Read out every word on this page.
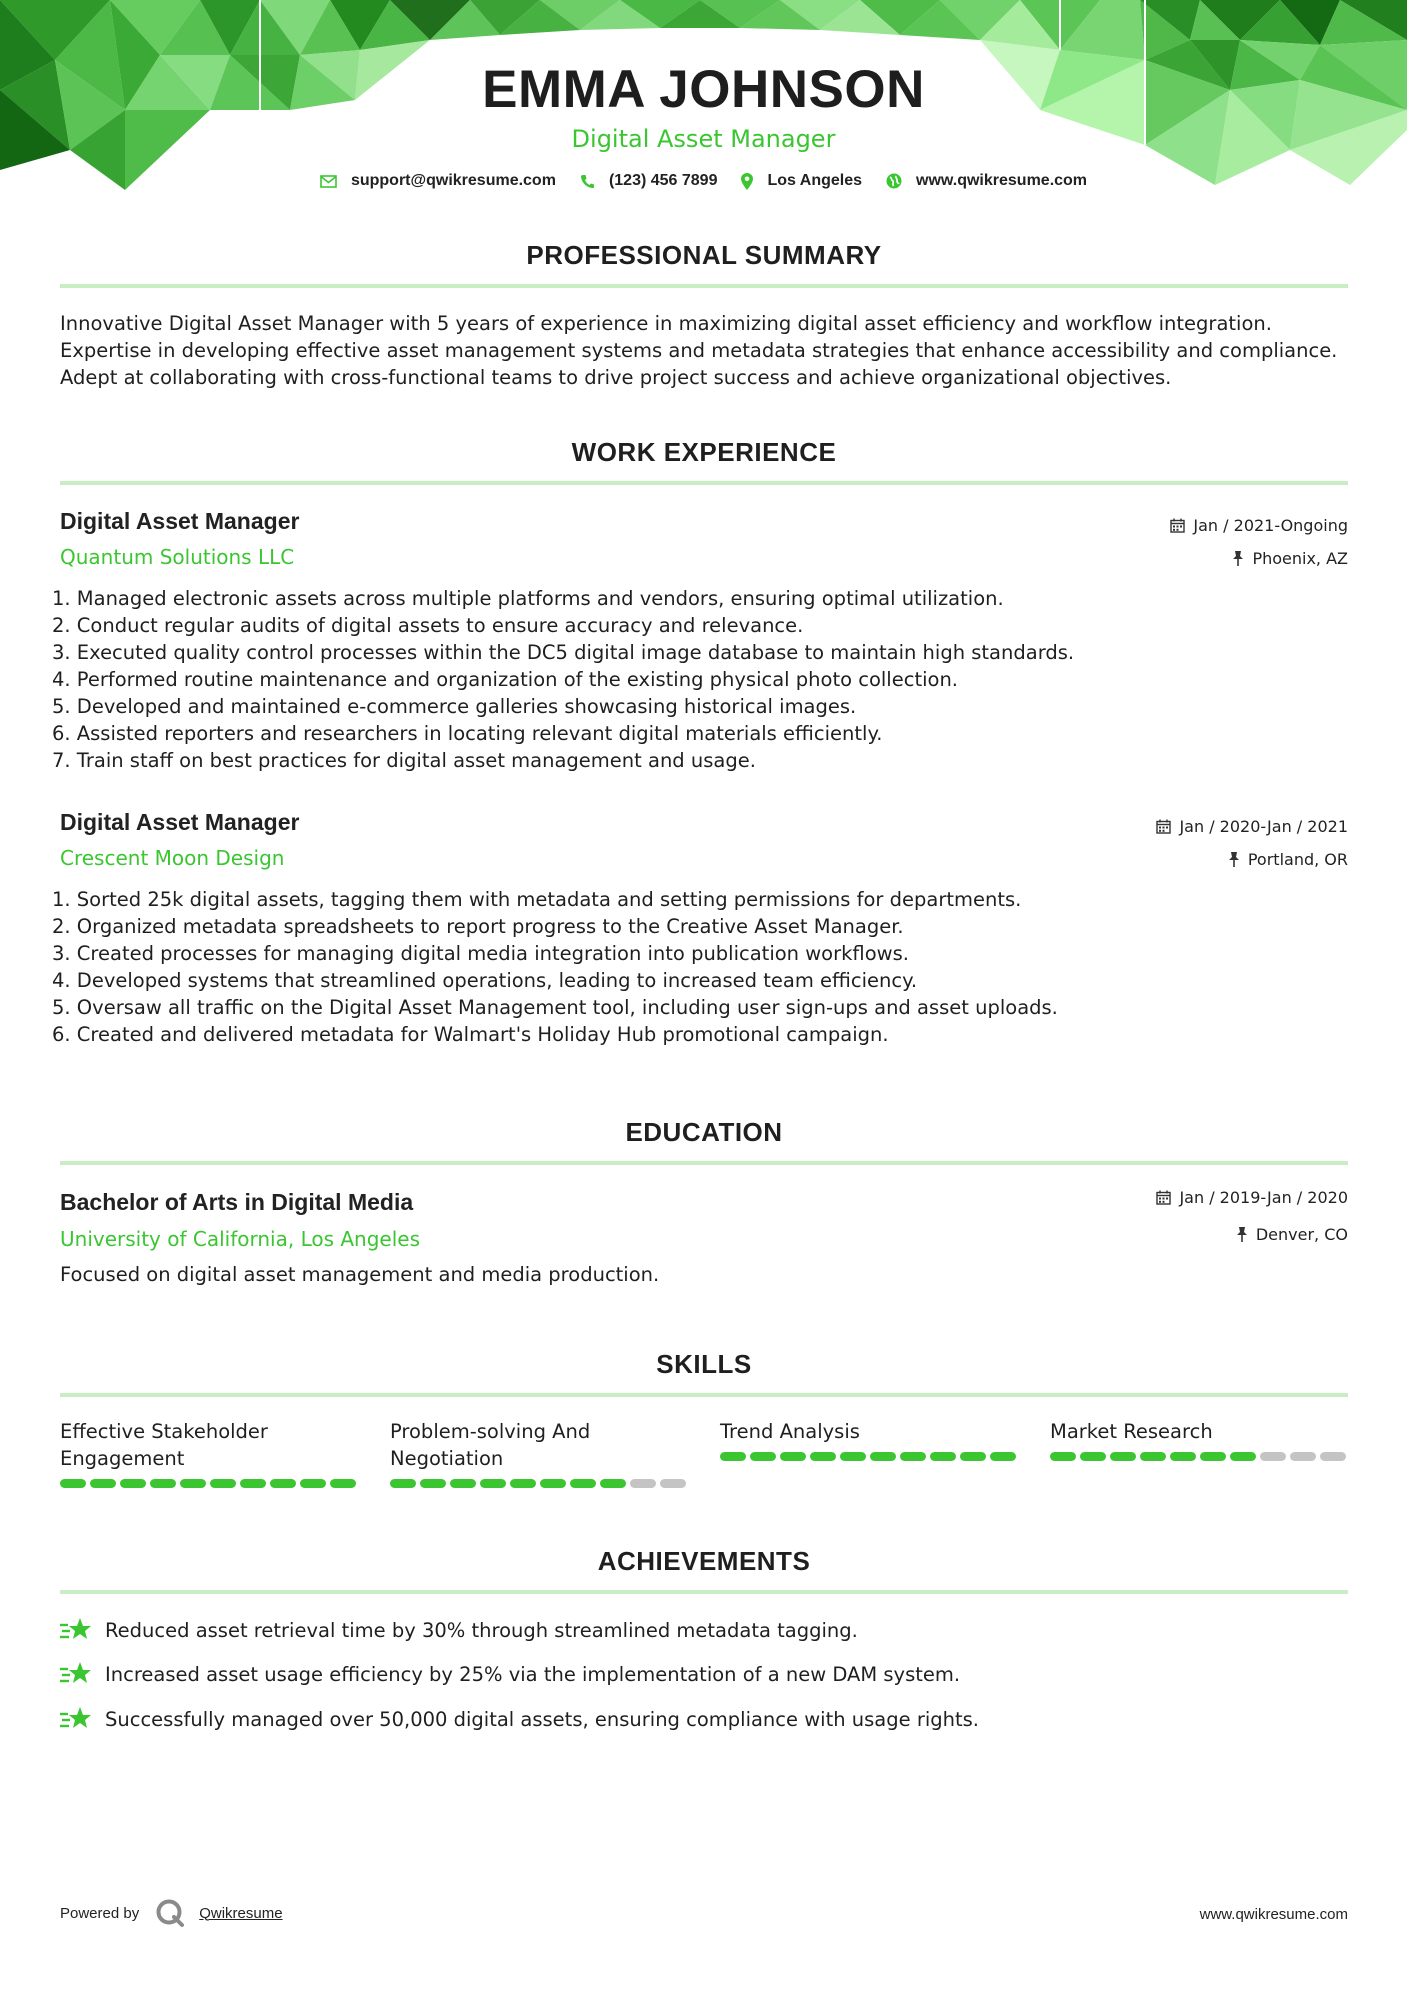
EMMA JOHNSON
Digital Asset Manager
support@qwikresume.com	(123) 456 7899	Los Angeles	www.qwikresume.com
PROFESSIONAL SUMMARY
Innovative Digital Asset Manager with 5 years of experience in maximizing digital asset efficiency and workflow integration.
Expertise in developing effective asset management systems and metadata strategies that enhance accessibility and compliance.
Adept at collaborating with cross-functional teams to drive project success and achieve organizational objectives.
WORK EXPERIENCE
Digital Asset Manager
Quantum Solutions LLC
Jan / 2021-Ongoing
Phoenix, AZ
1. Managed electronic assets across multiple platforms and vendors, ensuring optimal utilization.
2. Conduct regular audits of digital assets to ensure accuracy and relevance.
3. Executed quality control processes within the DC5 digital image database to maintain high standards.
4. Performed routine maintenance and organization of the existing physical photo collection.
5. Developed and maintained e-commerce galleries showcasing historical images.
6. Assisted reporters and researchers in locating relevant digital materials efficiently.
7. Train staff on best practices for digital asset management and usage.
Digital Asset Manager
Crescent Moon Design
Jan / 2020-Jan / 2021
Portland, OR
1. Sorted 25k digital assets, tagging them with metadata and setting permissions for departments.
2. Organized metadata spreadsheets to report progress to the Creative Asset Manager.
3. Created processes for managing digital media integration into publication workflows.
4. Developed systems that streamlined operations, leading to increased team efficiency.
5. Oversaw all traffic on the Digital Asset Management tool, including user sign-ups and asset uploads.
6. Created and delivered metadata for Walmart's Holiday Hub promotional campaign.
EDUCATION
Bachelor of Arts in Digital Media
University of California, Los Angeles
Jan / 2019-Jan / 2020
Denver, CO
Focused on digital asset management and media production.
SKILLS
Effective Stakeholder
Engagement
Problem-solving And
Negotiation
Trend Analysis	Market Research
ACHIEVEMENTS
Reduced asset retrieval time by 30% through streamlined metadata tagging.
Increased asset usage efficiency by 25% via the implementation of a new DAM system.
Successfully managed over 50,000 digital assets, ensuring compliance with usage rights.
Powered by	Qwikresume	www.qwikresume.com
